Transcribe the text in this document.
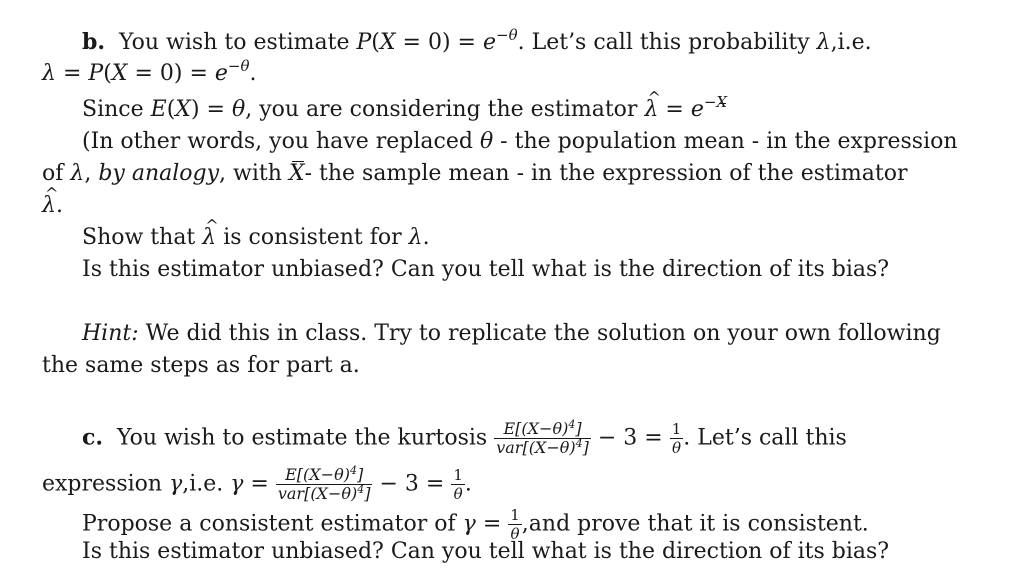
b.  You wish to estimate $P(X = 0) = e^{-\theta}$. Let’s call this probability λ,i.e.
$\lambda = P(X = 0) = e^{-\theta}$.
Since E(X) = θ, you are considering the estimator ^ $\lambda = e^{-X}$
(In other words, you have replaced θ - the population mean - in the expression
of λ, by analogy, with X- the sample mean - in the expression of the estimator
^ λ.
Show that ^ λ is consistent for λ.
Is this estimator unbiased? Can you tell what is the direction of its bias?
Hint: We did this in class. Try to replicate the solution on your own following
the same steps as for part a.
c.  You wish to estimate the kurtosis $\frac{E[(X-\theta)^4]}{var[(X-\theta)^4]} - 3 = \frac{1}{\theta}$ . Let’s call this
expression γ,i.e. $\gamma = \frac{E[(X-\theta)^4]}{var[(X-\theta)^4]} - 3 = \frac{1}{\theta}$ .
Propose a consistent estimator of $\gamma = \frac{1}{\theta} ,and$ prove that it is consistent.
Is this estimator unbiased? Can you tell what is the direction of its bias?
